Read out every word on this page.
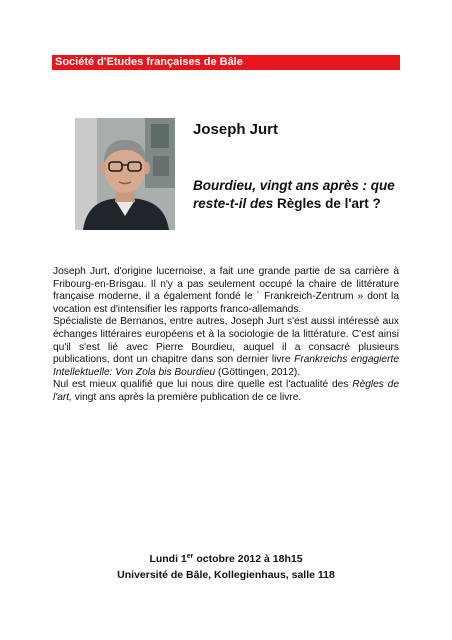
Société d'Etudes françaises de Bâle
Joseph Jurt
Bourdieu, vingt ans après : que reste-t-il des Règles de l'art ?

Joseph Jurt, d'origine lucernoise, a fait une grande partie de sa carrière à Fribourg-en-Brisgau. Il n'y a pas seulement occupé la chaire de littérature française moderne, il a également fondé le ´ Frankreich-Zentrum » dont la vocation est d'intensifier les rapports franco-allemands.

Spécialiste de Bernanos, entre autres, Joseph Jurt s'est aussi intéressé aux échanges littéraires européens et à la sociologie de la littérature. C'est ainsi qu'il s'est lié avec Pierre Bourdieu, auquel il a consacré plusieurs publications, dont un chapitre dans son dernier livre Frankreichs engagierte Intellektuelle: Von Zola bis Bourdieu (Göttingen, 2012).

Nul est mieux qualifié que lui nous dire quelle est l'actualité des Règles de l'art, vingt ans après la première publication de ce livre.

Lundi 1er octobre 2012 à 18h15
Université de Bâle, Kollegienhaus, salle 118
